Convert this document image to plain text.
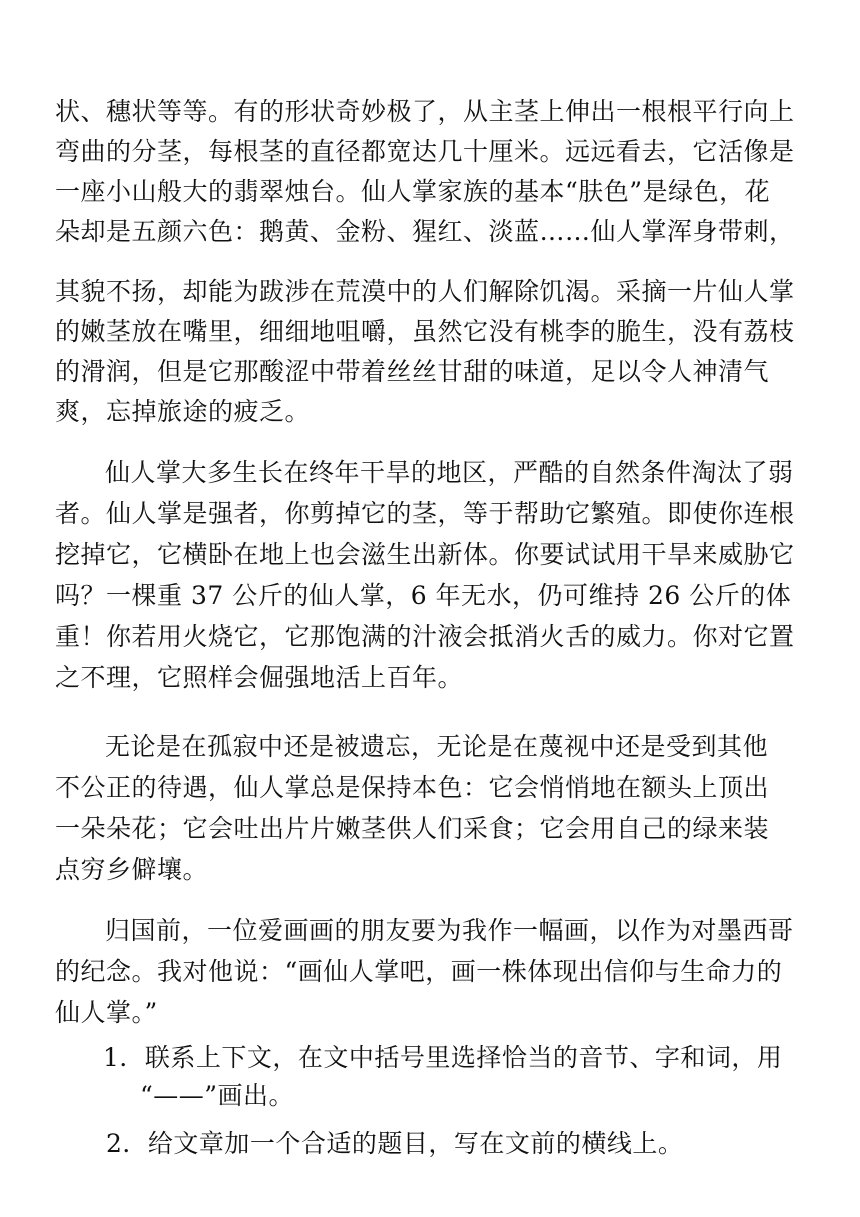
状、穗状等等。有的形状奇妙极了，从主茎上伸出一根根平行向上
弯曲的分茎，每根茎的直径都宽达几十厘米。远远看去，它活像是
一座小山般大的翡翠烛台。仙人掌家族的基本“肤色”是绿色，花
朵却是五颜六色：鹅黄、金粉、猩红、淡蓝……仙人掌浑身带刺，
其貌不扬，却能为跋涉在荒漠中的人们解除饥渴。采摘一片仙人掌
的嫩茎放在嘴里，细细地咀嚼，虽然它没有桃李的脆生，没有荔枝
的滑润，但是它那酸涩中带着丝丝甘甜的味道，足以令人神清气
爽，忘掉旅途的疲乏。
仙人掌大多生长在终年干旱的地区，严酷的自然条件淘汰了弱
者。仙人掌是强者，你剪掉它的茎，等于帮助它繁殖。即使你连根
挖掉它，它横卧在地上也会滋生出新体。你要试试用干旱来威胁它
吗？一棵重 37 公斤的仙人掌，6 年无水，仍可维持 26 公斤的体
重！你若用火烧它，它那饱满的汁液会抵消火舌的威力。你对它置
之不理，它照样会倔强地活上百年。
无论是在孤寂中还是被遗忘，无论是在蔑视中还是受到其他
不公正的待遇，仙人掌总是保持本色：它会悄悄地在额头上顶出
一朵朵花；它会吐出片片嫩茎供人们采食；它会用自己的绿来装
点穷乡僻壤。
归国前，一位爱画画的朋友要为我作一幅画，以作为对墨西哥
的纪念。我对他说：“画仙人掌吧，画一株体现出信仰与生命力的
仙人掌。”
1．联系上下文，在文中括号里选择恰当的音节、字和词，用
“——”画出。
2．给文章加一个合适的题目，写在文前的横线上。
